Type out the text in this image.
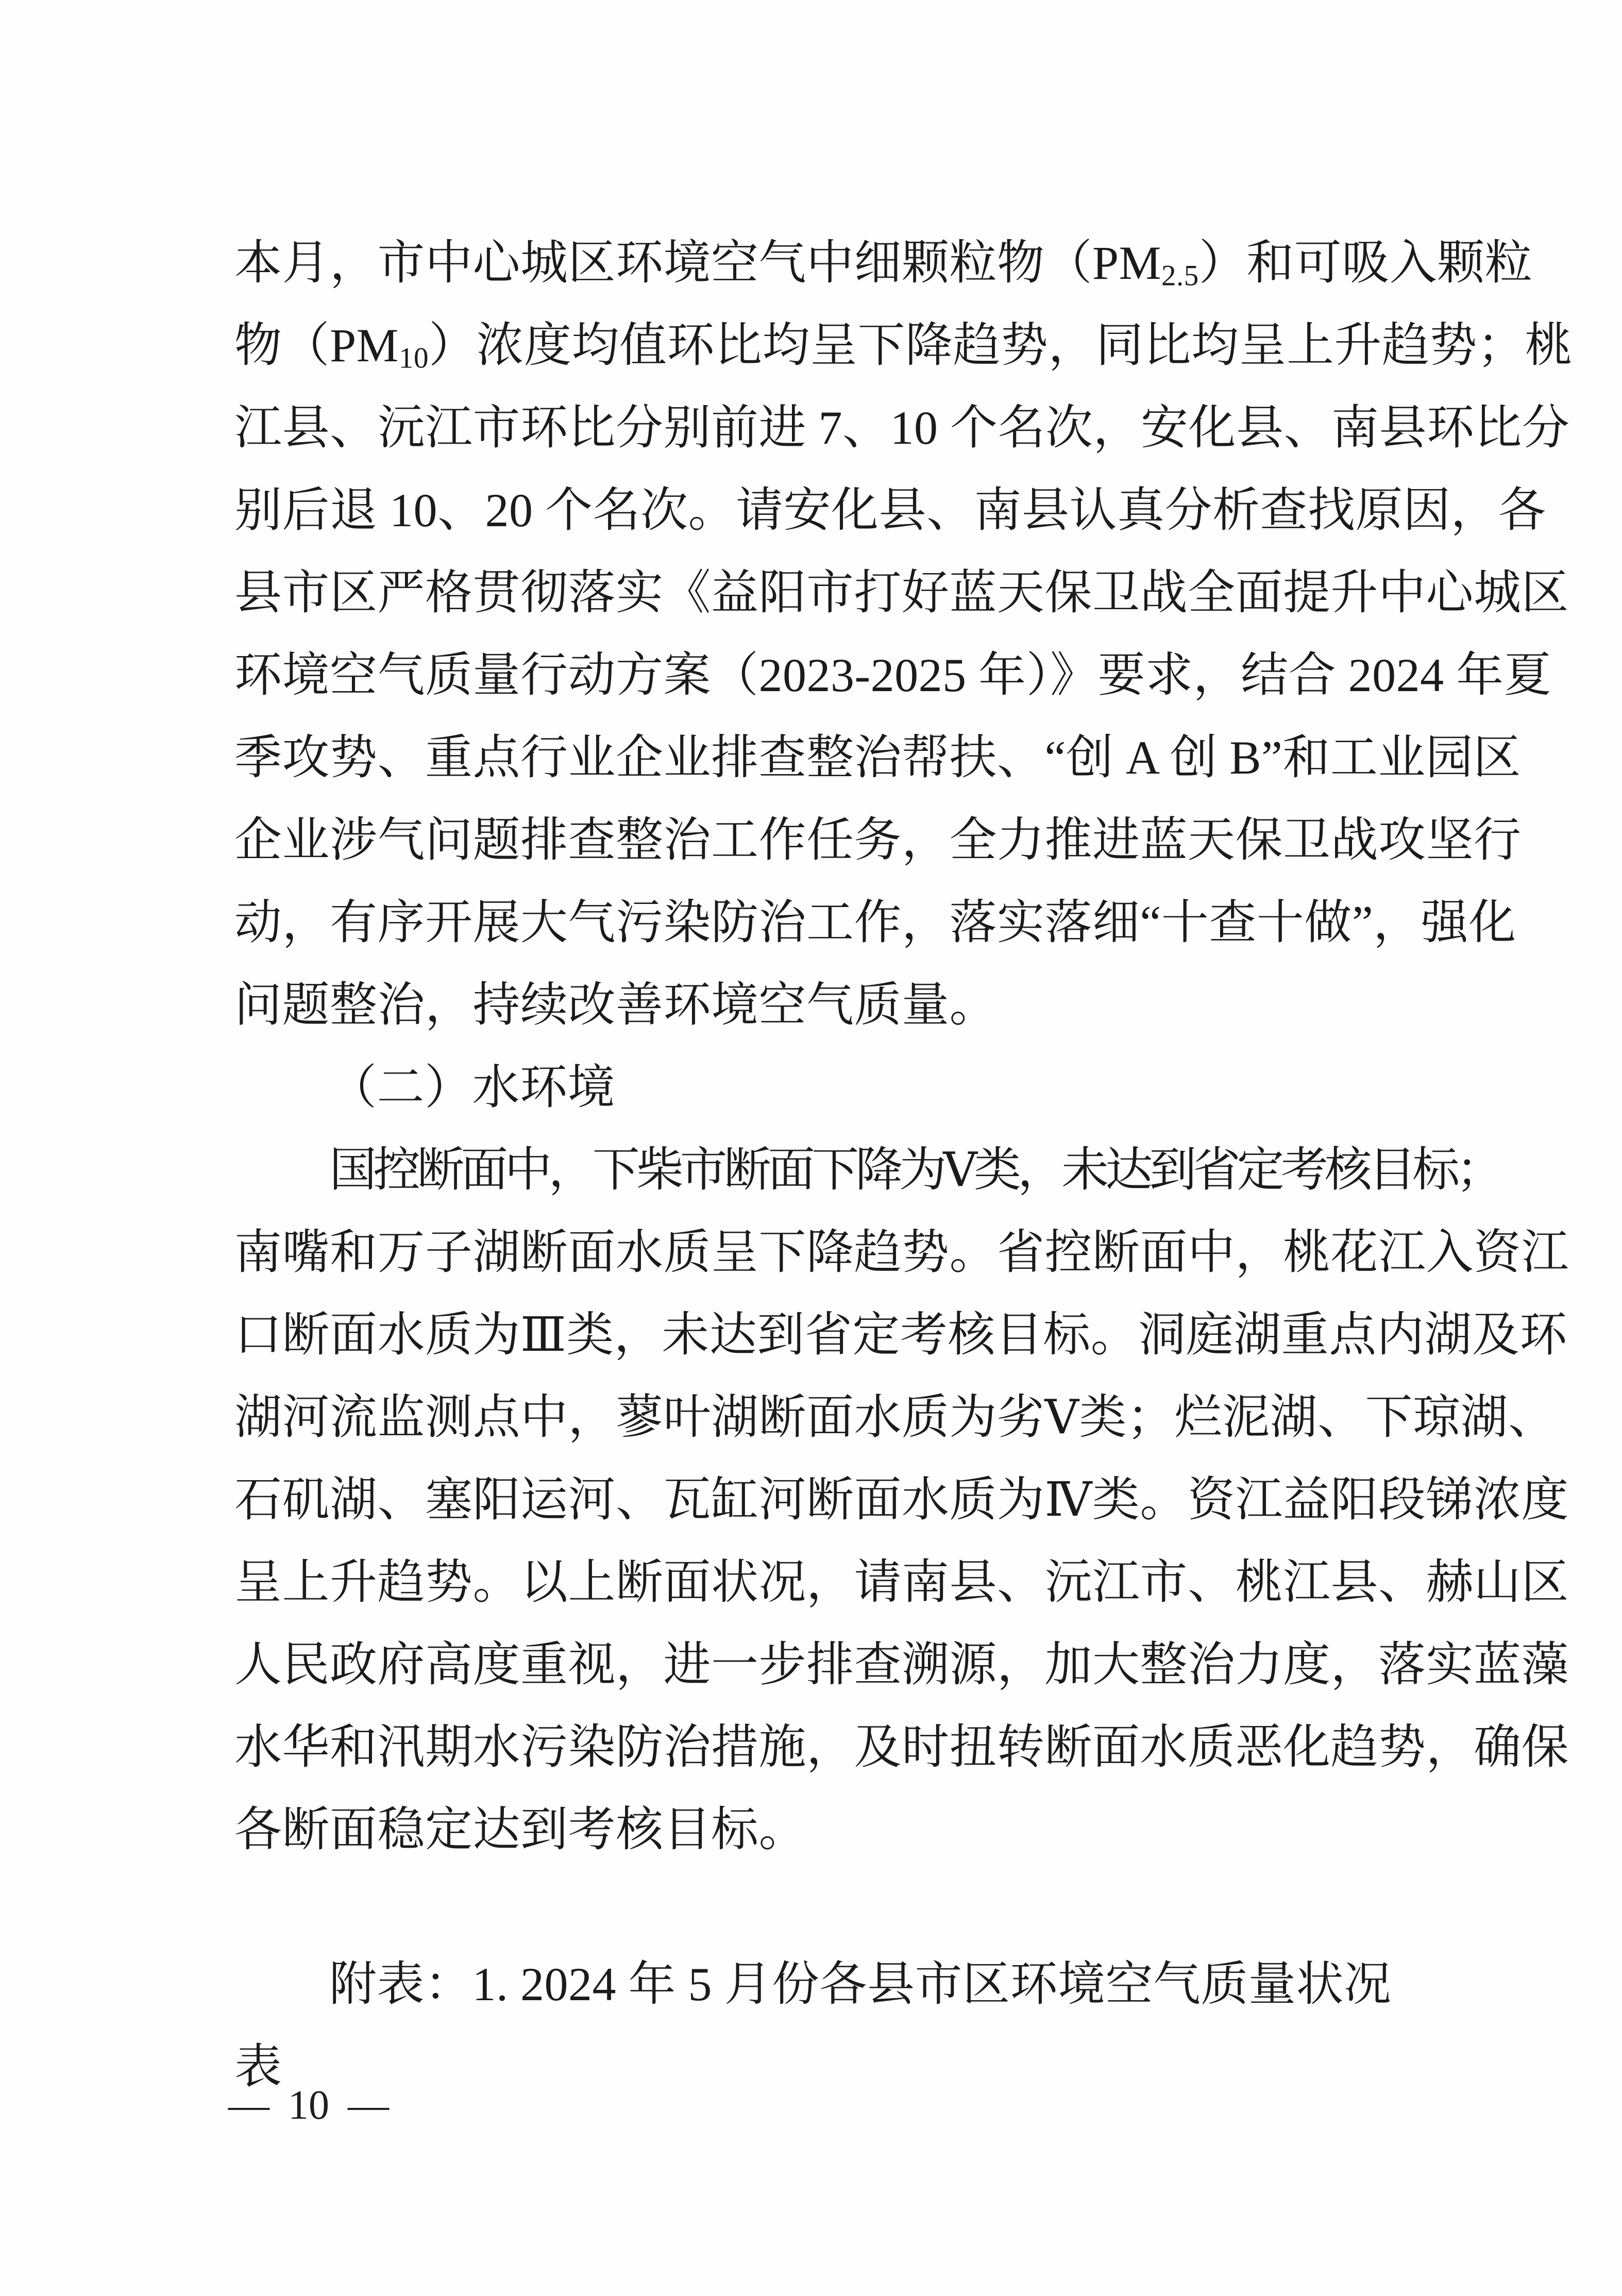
本月，市中心城区环境空气中细颗粒物$(PM_{2.5})$和可吸入颗粒
物$(PM_{10})$浓度均值环比均呈下降趋势，同比均呈上升趋势；桃
江县、沅江市环比分别前进 7、10 个名次，安化县、南县环比分
别后退 10、20 个名次。请安化县、南县认真分析查找原因，各
县市区严格贯彻落实《益阳市打好蓝天保卫战全面提升中心城区
环境空气质量行动方案（2023-2025 年）》要求，结合 2024 年夏
季攻势、重点行业企业排查整治帮扶、“创 A 创 B”和工业园区
企业涉气问题排查整治工作任务，全力推进蓝天保卫战攻坚行
动，有序开展大气污染防治工作，落实落细“十查十做”，强化
问题整治，持续改善环境空气质量。
（二）水环境
国控断面中，下柴市断面下降为Ⅴ类，未达到省定考核目标；
南嘴和万子湖断面水质呈下降趋势。省控断面中，桃花江入资江
口断面水质为Ⅲ类，未达到省定考核目标。洞庭湖重点内湖及环
湖河流监测点中，蓼叶湖断面水质为劣Ⅴ类；烂泥湖、下琼湖、
石矶湖、塞阳运河、瓦缸河断面水质为Ⅳ类。资江益阳段锑浓度
呈上升趋势。以上断面状况，请南县、沅江市、桃江县、赫山区
人民政府高度重视，进一步排查溯源，加大整治力度，落实蓝藻
水华和汛期水污染防治措施，及时扭转断面水质恶化趋势，确保
各断面稳定达到考核目标。
附表：1. 2024 年 5 月份各县市区环境空气质量状况表
— 10 —
